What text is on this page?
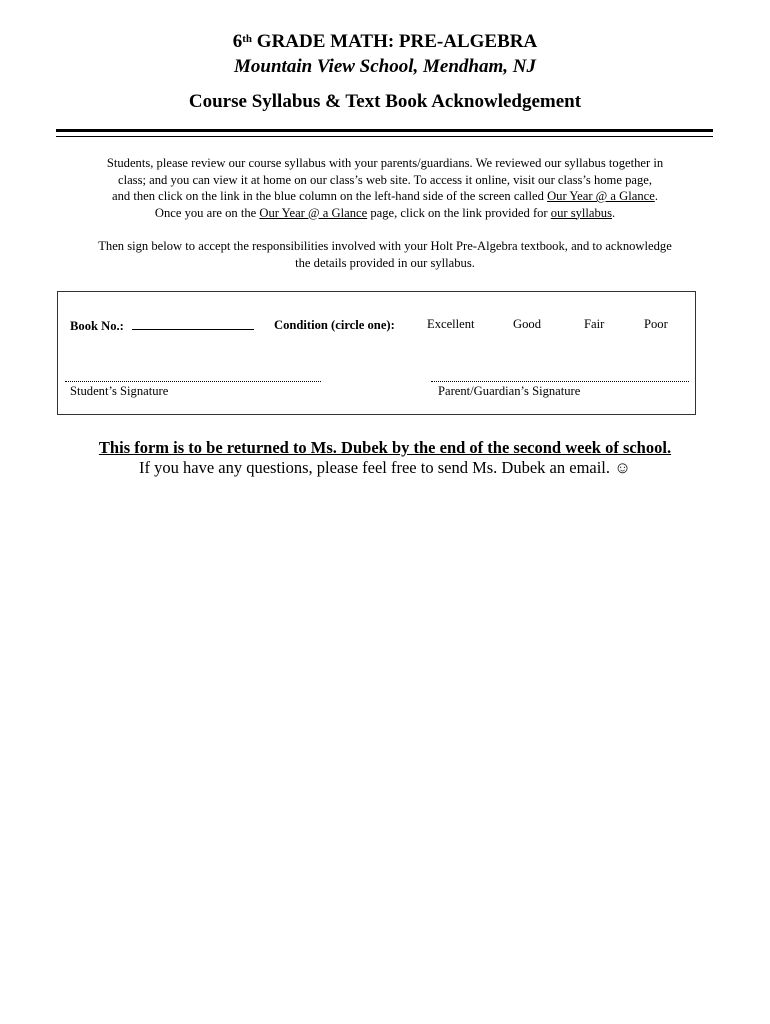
6th GRADE MATH: PRE-ALGEBRA
Mountain View School, Mendham, NJ
Course Syllabus & Text Book Acknowledgement
Students, please review our course syllabus with your parents/guardians. We reviewed our syllabus together in
class; and you can view it at home on our class’s web site. To access it online, visit our class’s home page,
and then click on the link in the blue column on the left-hand side of the screen called Our Year @ a Glance.
Once you are on the Our Year @ a Glance page, click on the link provided for our syllabus.
Then sign below to accept the responsibilities involved with your Holt Pre-Algebra textbook, and to acknowledge
the details provided in our syllabus.
Book No.:	Condition (circle one):	Excellent	Good	Fair	Poor
Student’s Signature	Parent/Guardian’s Signature
This form is to be returned to Ms. Dubek by the end of the second week of school.
If you have any questions, please feel free to send Ms. Dubek an email. ☺
